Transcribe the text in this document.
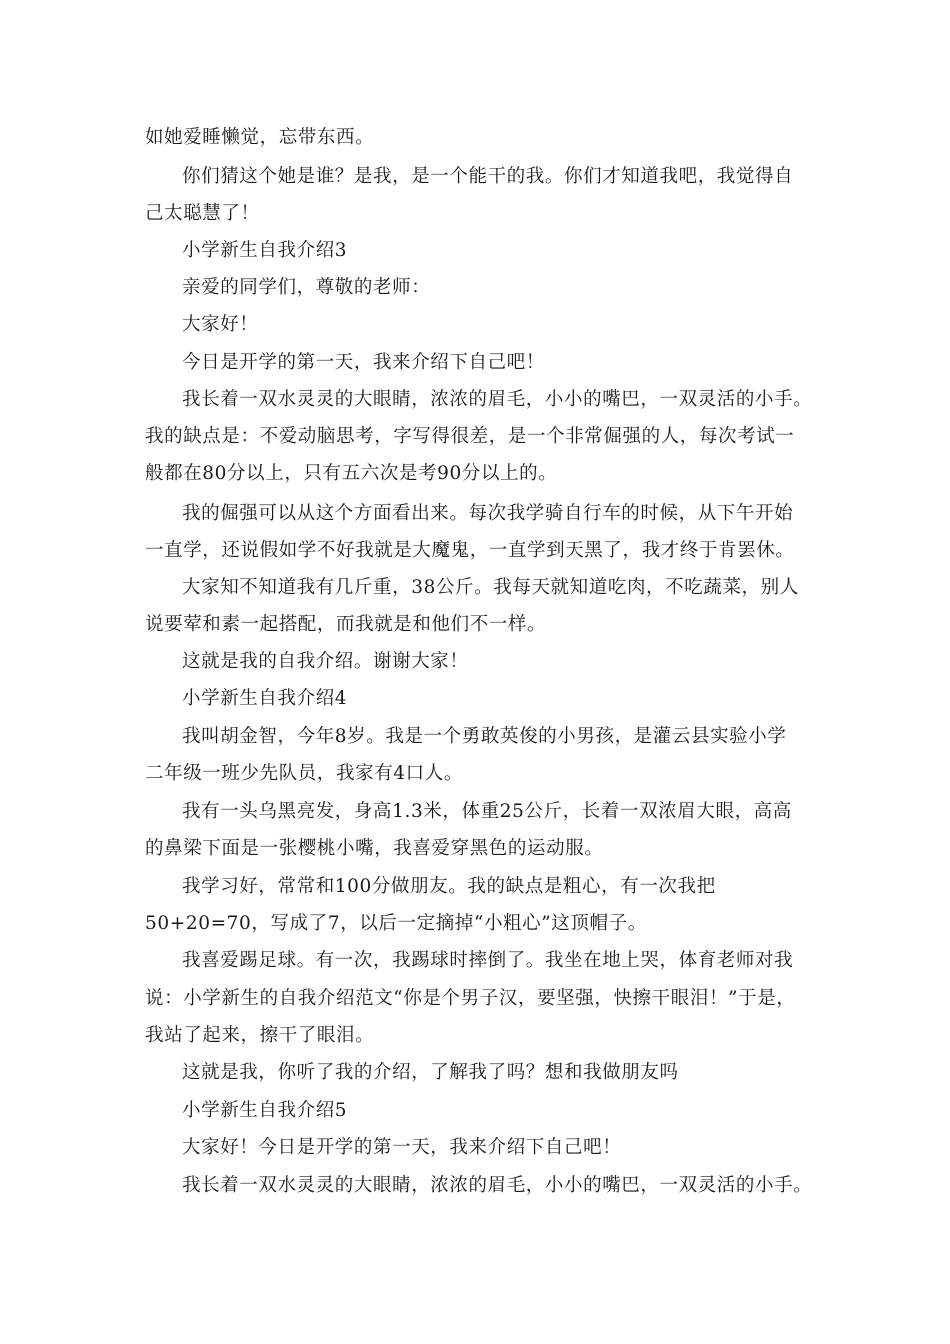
如她爱睡懒觉，忘带东西。
你们猜这个她是谁？是我，是一个能干的我。你们才知道我吧，我觉得自
己太聪慧了！
小学新生自我介绍3
亲爱的同学们，尊敬的老师：
大家好！
今日是开学的第一天，我来介绍下自己吧！
我长着一双水灵灵的大眼睛，浓浓的眉毛，小小的嘴巴，一双灵活的小手。
我的缺点是：不爱动脑思考，字写得很差，是一个非常倔强的人，每次考试一
般都在80分以上，只有五六次是考90分以上的。
我的倔强可以从这个方面看出来。每次我学骑自行车的时候，从下午开始
一直学，还说假如学不好我就是大魔鬼，一直学到天黑了，我才终于肯罢休。
大家知不知道我有几斤重，38公斤。我每天就知道吃肉，不吃蔬菜，别人
说要荤和素一起搭配，而我就是和他们不一样。
这就是我的自我介绍。谢谢大家！
小学新生自我介绍4
我叫胡金智，今年8岁。我是一个勇敢英俊的小男孩，是灌云县实验小学
二年级一班少先队员，我家有4口人。
我有一头乌黑亮发，身高1.3米，体重25公斤，长着一双浓眉大眼，高高
的鼻梁下面是一张樱桃小嘴，我喜爱穿黑色的运动服。
我学习好，常常和100分做朋友。我的缺点是粗心，有一次我把
50+20=70，写成了7，以后一定摘掉“小粗心”这顶帽子。
我喜爱踢足球。有一次，我踢球时摔倒了。我坐在地上哭，体育老师对我
说：小学新生的自我介绍范文“你是个男子汉，要坚强，快擦干眼泪！”于是，
我站了起来，擦干了眼泪。
这就是我，你听了我的介绍，了解我了吗？想和我做朋友吗
小学新生自我介绍5
大家好！今日是开学的第一天，我来介绍下自己吧！
我长着一双水灵灵的大眼睛，浓浓的眉毛，小小的嘴巴，一双灵活的小手。
